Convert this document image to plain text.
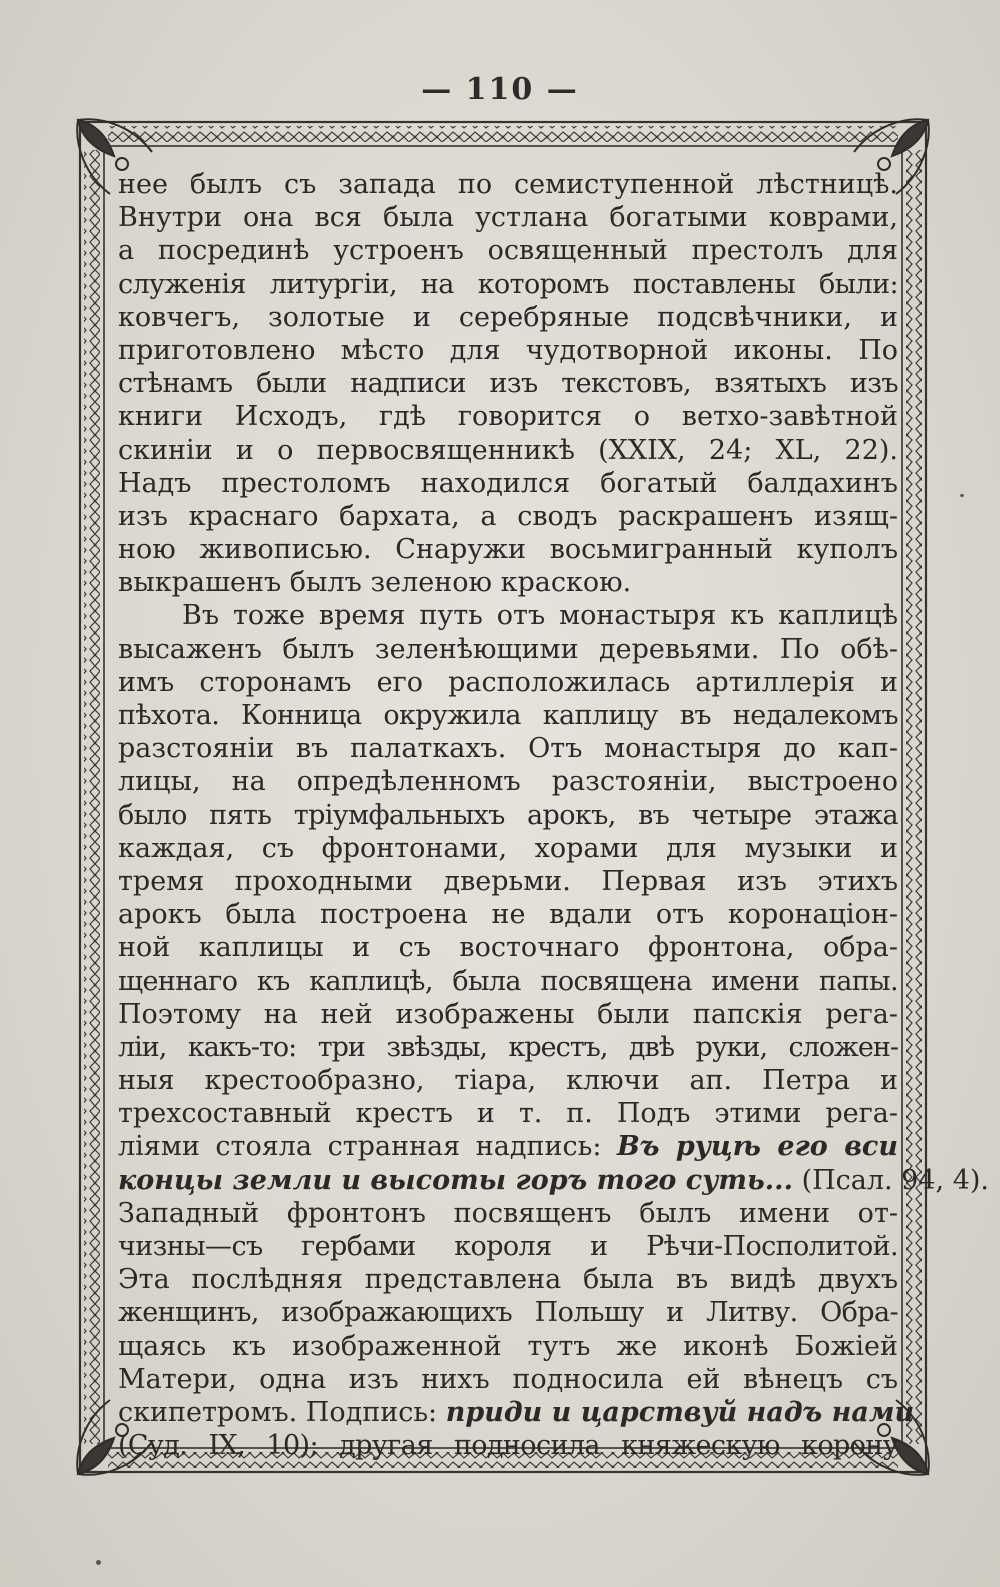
— 110 —
нее былъ съ запада по семиступенной лѣстницѣ.
Внутри она вся была устлана богатыми коврами,
а посрединѣ устроенъ освященный престолъ для
служенія литургіи, на которомъ поставлены были:
ковчегъ, золотые и серебряные подсвѣчники, и
приготовлено мѣсто для чудотворной иконы. По
стѣнамъ были надписи изъ текстовъ, взятыхъ изъ
книги Исходъ, гдѣ говорится о ветхо-завѣтной
скиніи и о первосвященникѣ (XXIX, 24; XL, 22).
Надъ престоломъ находился богатый балдахинъ
изъ краснаго бархата, а сводъ раскрашенъ изящ-
ною живописью. Снаружи восьмигранный куполъ
выкрашенъ былъ зеленою краскою.
Въ тоже время путь отъ монастыря къ каплицѣ
высаженъ былъ зеленѣющими деревьями. По обѣ-
имъ сторонамъ его расположилась артиллерія и
пѣхота. Конница окружила каплицу въ недалекомъ
разстояніи въ палаткахъ. Отъ монастыря до кап-
лицы, на опредѣленномъ разстояніи, выстроено
было пять тріумфальныхъ арокъ, въ четыре этажа
каждая, съ фронтонами, хорами для музыки и
тремя проходными дверьми. Первая изъ этихъ
арокъ была построена не вдали отъ коронаціон-
ной каплицы и съ восточнаго фронтона, обра-
щеннаго къ каплицѣ, была посвящена имени папы.
Поэтому на ней изображены были папскія рега-
ліи, какъ-то: три звѣзды, крестъ, двѣ руки, сложен-
ныя крестообразно, тіара, ключи ап. Петра и
трехсоставный крестъ и т. п. Подъ этими рега-
ліями стояла странная надпись: Въ руцѣ его вси
концы земли и высоты горъ того суть... (Псал. 94, 4).
Западный фронтонъ посвященъ былъ имени от-
чизны—съ гербами короля и Рѣчи-Посполитой.
Эта послѣдняя представлена была въ видѣ двухъ
женщинъ, изображающихъ Польшу и Литву. Обра-
щаясь къ изображенной тутъ же иконѣ Божіей
Матери, одна изъ нихъ подносила ей вѣнецъ съ
скипетромъ. Подпись: приди и царствуй надъ нами
(Суд. IX, 10); другая подносила княжескую корону
